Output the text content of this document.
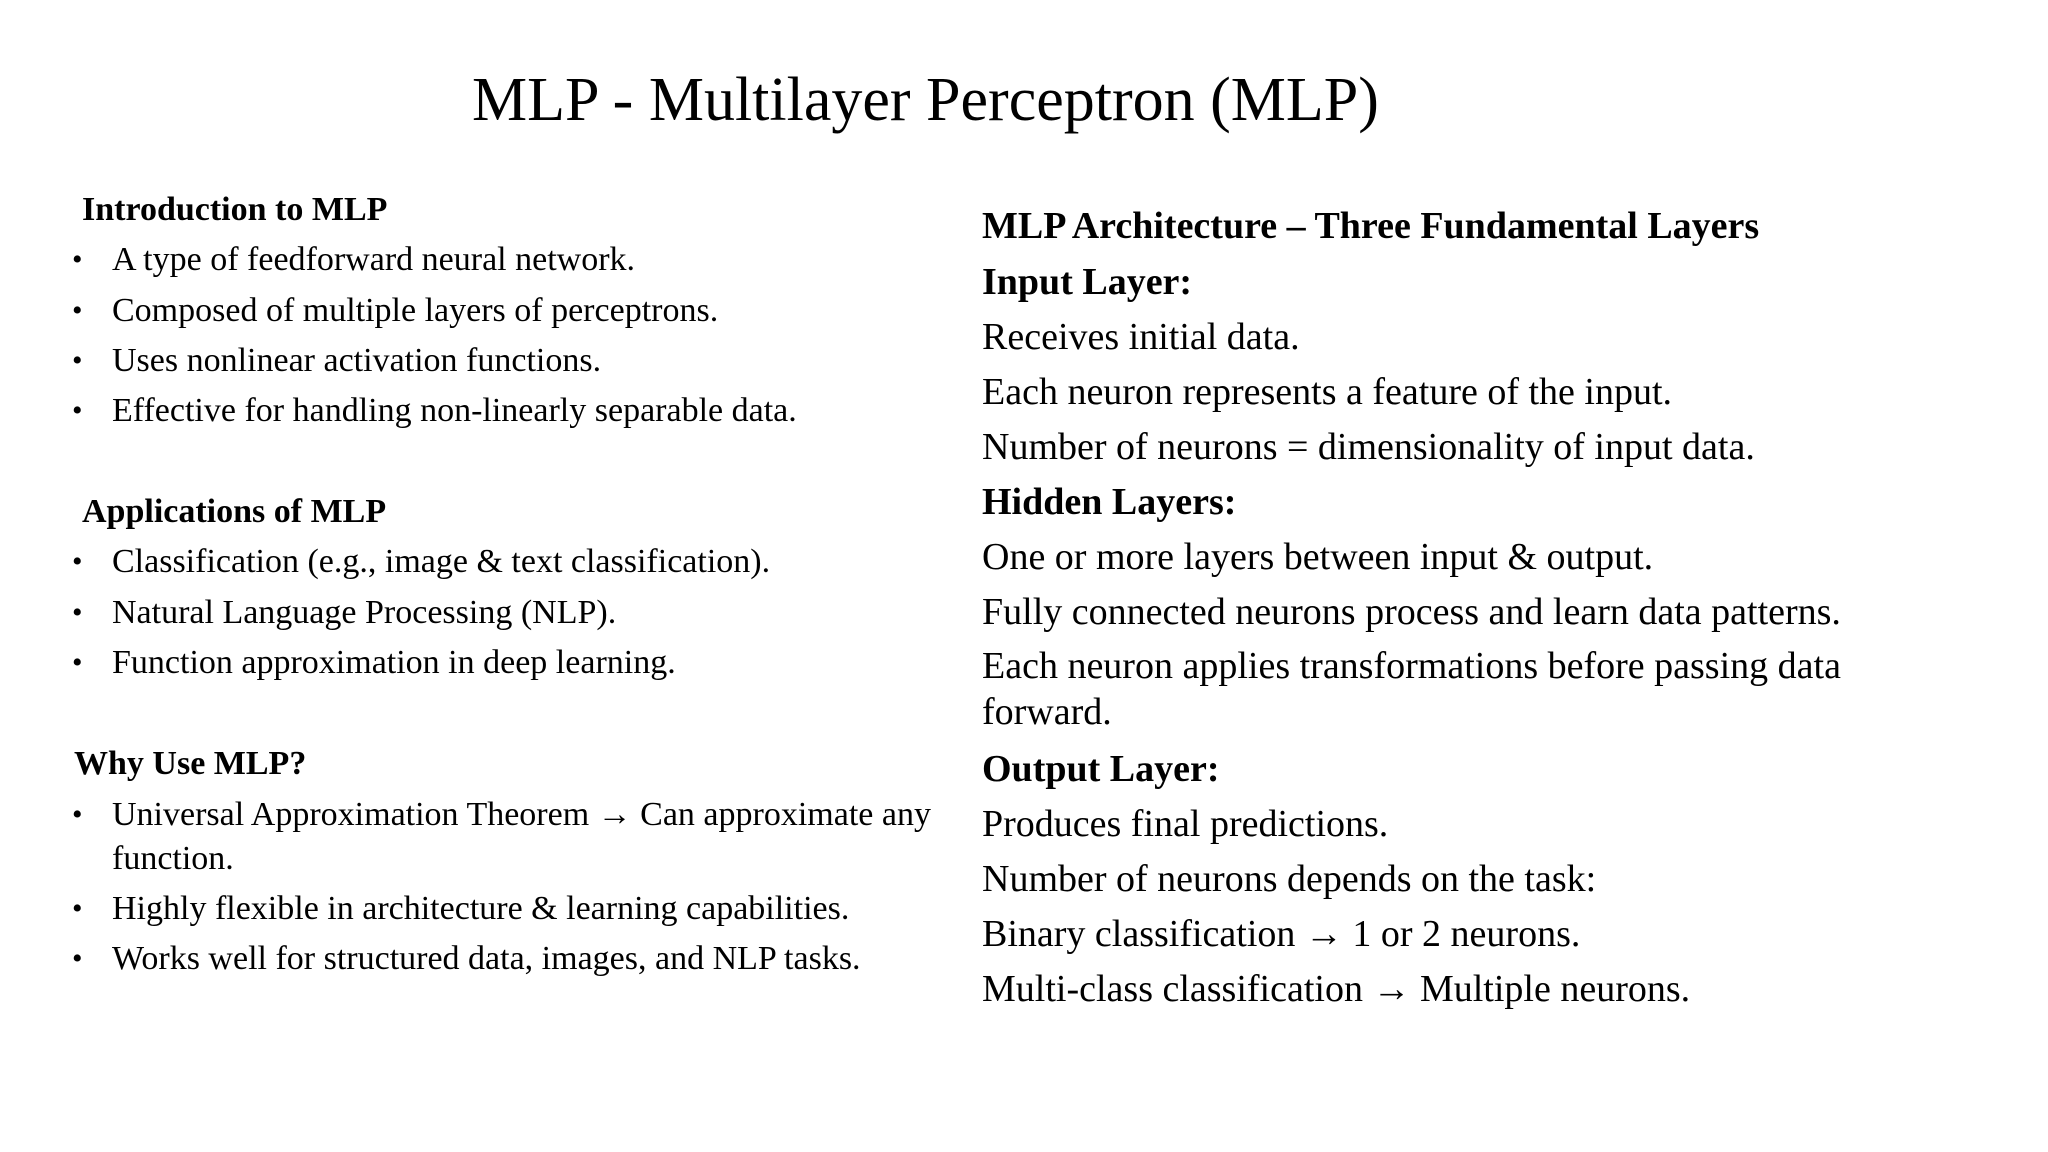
MLP - Multilayer Perceptron (MLP)
Introduction to MLP
• A type of feedforward neural network.
• Composed of multiple layers of perceptrons.
• Uses nonlinear activation functions.
• Effective for handling non-linearly separable data.
Applications of MLP
• Classification (e.g., image & text classification).
• Natural Language Processing (NLP).
• Function approximation in deep learning.
Why Use MLP?
• Universal Approximation Theorem → Can approximate any function.
• Highly flexible in architecture & learning capabilities.
• Works well for structured data, images, and NLP tasks.
MLP Architecture – Three Fundamental Layers
Input Layer:
Receives initial data.
Each neuron represents a feature of the input.
Number of neurons = dimensionality of input data.
Hidden Layers:
One or more layers between input & output.
Fully connected neurons process and learn data patterns.
Each neuron applies transformations before passing data forward.
Output Layer:
Produces final predictions.
Number of neurons depends on the task:
Binary classification → 1 or 2 neurons.
Multi-class classification → Multiple neurons.
